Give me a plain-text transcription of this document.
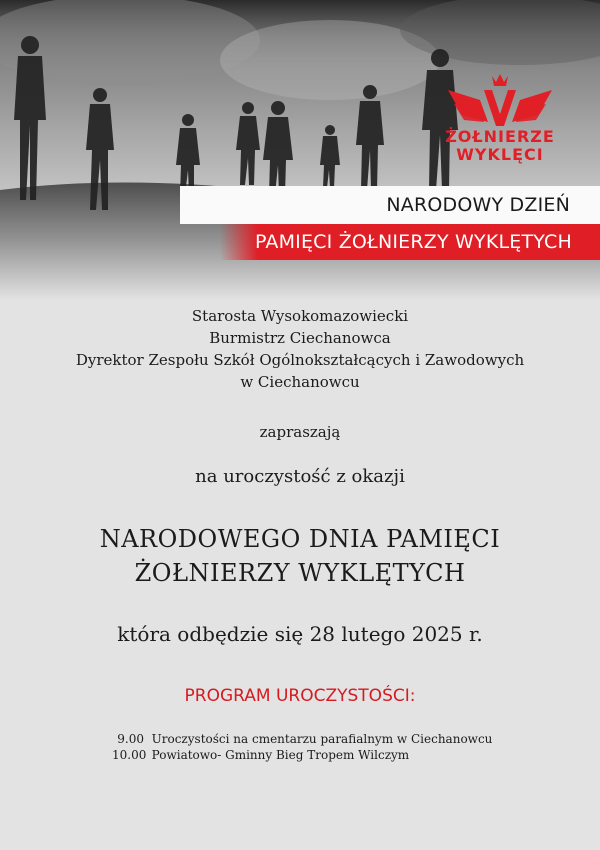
ŻOŁNIERZE
WYKLĘCI
NARODOWY DZIEŃ
PAMIĘCI ŻOŁNIERZY WYKLĘTYCH
Starosta Wysokomazowiecki
Burmistrz Ciechanowca
Dyrektor Zespołu Szkół Ogólnokształcących i Zawodowych
w Ciechanowcu
zapraszają
na uroczystość z okazji
NARODOWEGO DNIA PAMIĘCI
ŻOŁNIERZY WYKLĘTYCH
która odbędzie się 28 lutego 2025 r.
PROGRAM UROCZYSTOŚCI:
9.00 Uroczystości na cmentarzu parafialnym w Ciechanowcu
10.00 Powiatowo- Gminny Bieg Tropem Wilczym
